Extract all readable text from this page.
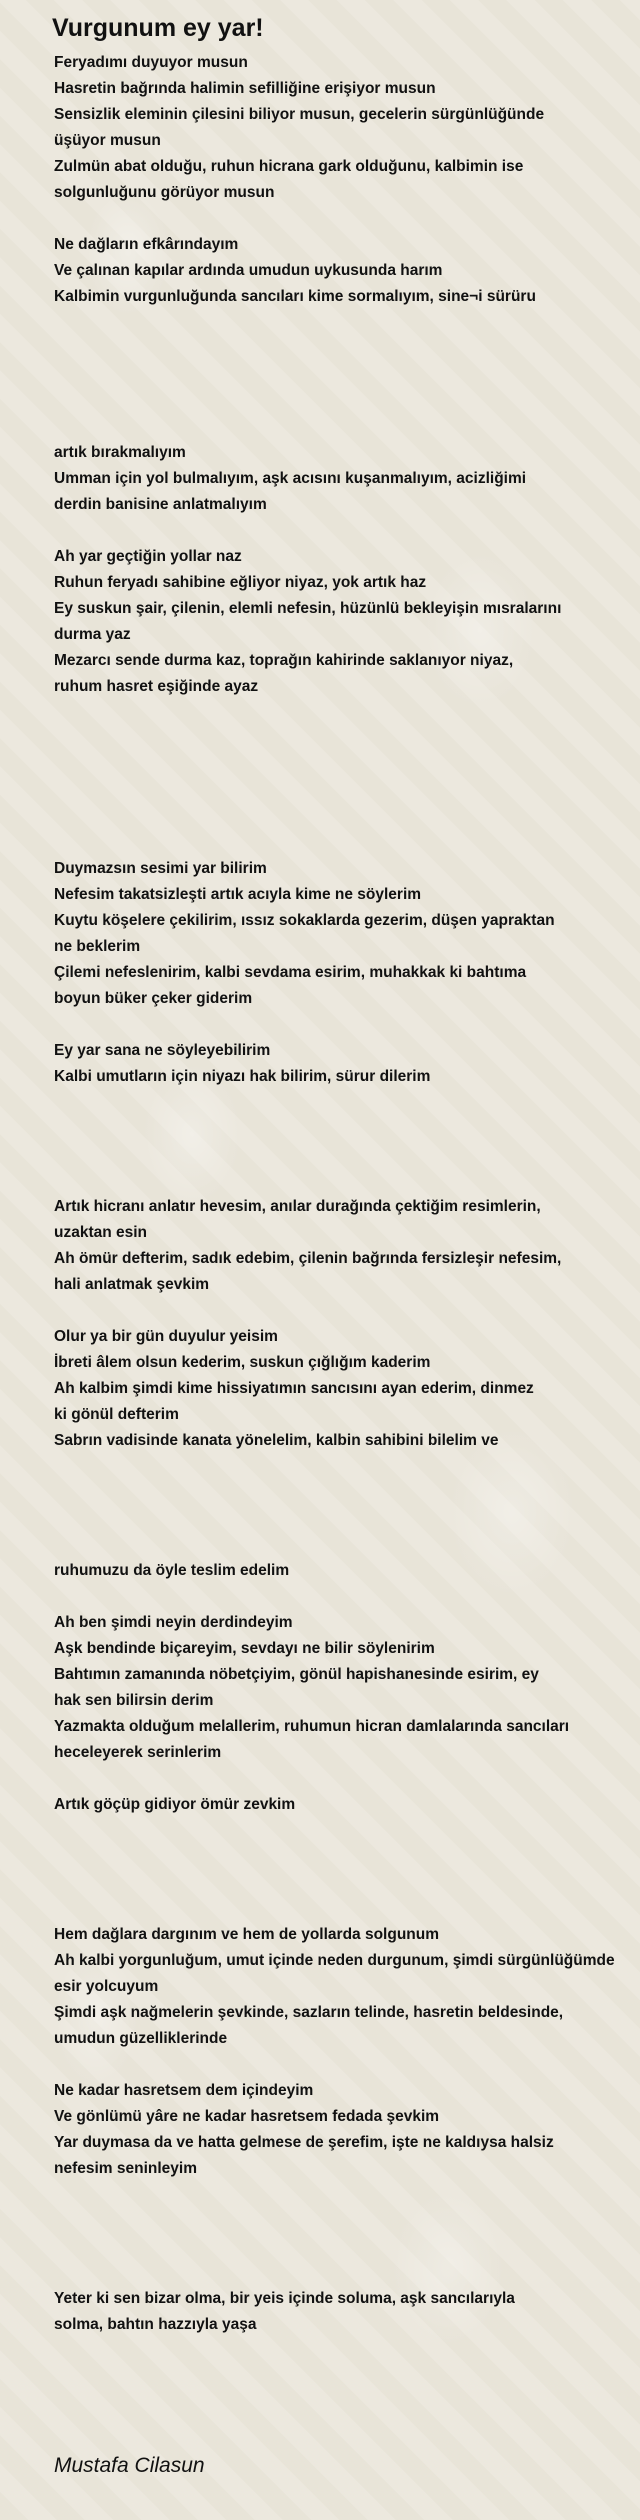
Vurgunum ey yar!
Feryadımı duyuyor musun
Hasretin bağrında halimin sefilliğine erişiyor musun
Sensizlik eleminin çilesini biliyor musun, gecelerin sürgünlüğünde
üşüyor musun
Zulmün abat olduğu, ruhun hicrana gark olduğunu, kalbimin ise
solgunluğunu görüyor musun
Ne dağların efkârındayım
Ve çalınan kapılar ardında umudun uykusunda harım
Kalbimin vurgunluğunda sancıları kime sormalıyım, sine¬i sürüru
artık bırakmalıyım
Umman için yol bulmalıyım, aşk acısını kuşanmalıyım, acizliğimi
derdin banisine anlatmalıyım
Ah yar geçtiğin yollar naz
Ruhun feryadı sahibine eğliyor niyaz, yok artık haz
Ey suskun şair, çilenin, elemli nefesin, hüzünlü bekleyişin mısralarını
durma yaz
Mezarcı sende durma kaz, toprağın kahirinde saklanıyor niyaz,
ruhum hasret eşiğinde ayaz
Duymazsın sesimi yar bilirim
Nefesim takatsizleşti artık acıyla kime ne söylerim
Kuytu köşelere çekilirim, ıssız sokaklarda gezerim, düşen yapraktan
ne beklerim
Çilemi nefeslenirim, kalbi sevdama esirim, muhakkak ki bahtıma
boyun büker çeker giderim
Ey yar sana ne söyleyebilirim
Kalbi umutların için niyazı hak bilirim, sürur dilerim
Artık hicranı anlatır hevesim, anılar durağında çektiğim resimlerin,
uzaktan esin
Ah ömür defterim, sadık edebim, çilenin bağrında fersizleşir nefesim,
hali anlatmak şevkim
Olur ya bir gün duyulur yeisim
İbreti âlem olsun kederim, suskun çığlığım kaderim
Ah kalbim şimdi kime hissiyatımın sancısını ayan ederim, dinmez
ki gönül defterim
Sabrın vadisinde kanata yönelelim, kalbin sahibini bilelim ve
ruhumuzu da öyle teslim edelim
Ah ben şimdi neyin derdindeyim
Aşk bendinde biçareyim, sevdayı ne bilir söylenirim
Bahtımın zamanında nöbetçiyim, gönül hapishanesinde esirim, ey
hak sen bilirsin derim
Yazmakta olduğum melallerim, ruhumun hicran damlalarında sancıları
heceleyerek serinlerim
Artık göçüp gidiyor ömür zevkim
Hem dağlara dargınım ve hem de yollarda solgunum
Ah kalbi yorgunluğum, umut içinde neden durgunum, şimdi sürgünlüğümde
esir yolcuyum
Şimdi aşk nağmelerin şevkinde, sazların telinde, hasretin beldesinde,
umudun güzelliklerinde
Ne kadar hasretsem dem içindeyim
Ve gönlümü yâre ne kadar hasretsem fedada şevkim
Yar duymasa da ve hatta gelmese de şerefim, işte ne kaldıysa halsiz
nefesim seninleyim
Yeter ki sen bizar olma, bir yeis içinde soluma, aşk sancılarıyla
solma, bahtın hazzıyla yaşa
Mustafa Cilasun
